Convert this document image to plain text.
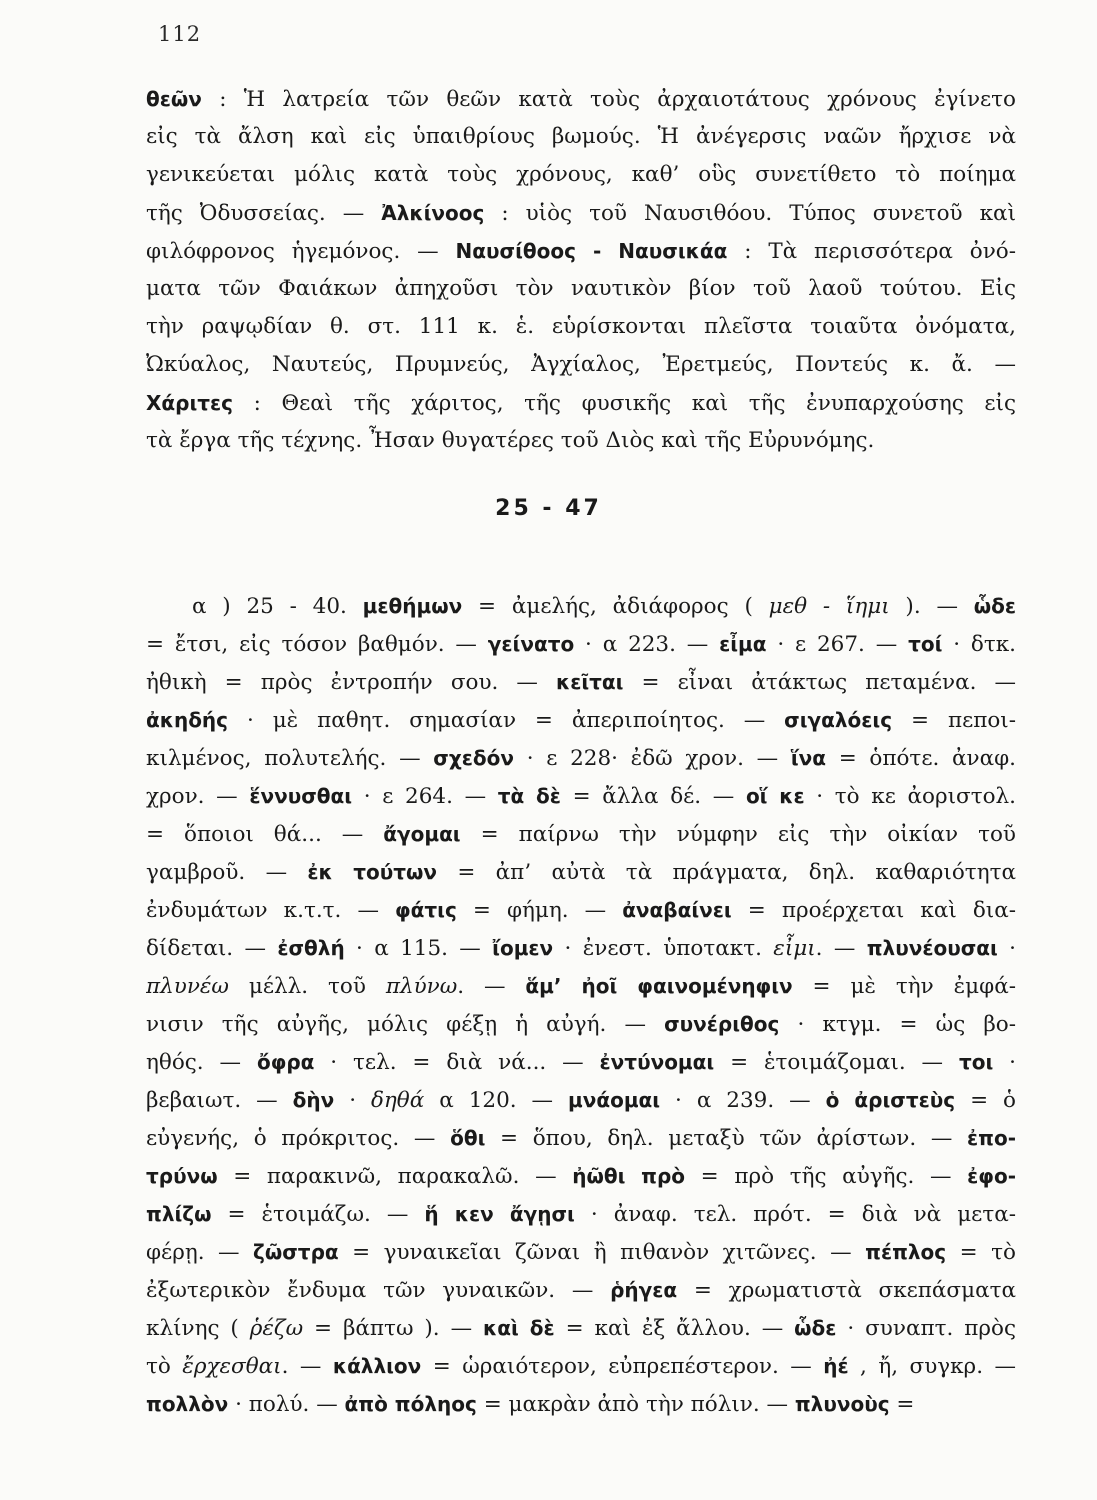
112
θεῶν : Ἡ λατρεία τῶν θεῶν κατὰ τοὺς ἀρχαιοτάτους χρόνους ἐγίνετο
εἰς τὰ ἄλση καὶ εἰς ὑπαιθρίους βωμούς. Ἡ ἀνέγερσις ναῶν ἤρχισε νὰ
γενικεύεται μόλις κατὰ τοὺς χρόνους, καθ’ οὓς συνετίθετο τὸ ποίημα
τῆς Ὀδυσσείας. — Ἀλκίνοος : υἱὸς τοῦ Ναυσιθόου. Τύπος συνετοῦ καὶ
φιλόφρονος ἡγεμόνος. — Ναυσίθοος - Ναυσικάα : Τὰ περισσότερα ὀνό-
ματα τῶν Φαιάκων ἀπηχοῦσι τὸν ναυτικὸν βίον τοῦ λαοῦ τούτου. Εἰς
τὴν ραψῳδίαν θ. στ. 111 κ. ἑ. εὑρίσκονται πλεῖστα τοιαῦτα ὀνόματα,
Ὠκύαλος, Ναυτεύς, Πρυμνεύς, Ἀγχίαλος, Ἐρετμεύς, Ποντεύς κ. ἄ. —
Χάριτες : Θεαὶ τῆς χάριτος, τῆς φυσικῆς καὶ τῆς ἐνυπαρχούσης εἰς
τὰ ἔργα τῆς τέχνης. Ἦσαν θυγατέρες τοῦ Διὸς καὶ τῆς Εὐρυνόμης.
25 - 47
α ) 25 - 40. μεθήμων = ἀμελής, ἀδιάφορος ( μεθ - ἵημι ). — ὧδε
= ἔτσι, εἰς τόσον βαθμόν. — γείνατο · α 223. — εἶμα · ε 267. — τοί · δτκ.
ἠθικὴ = πρὸς ἐντροπήν σου. — κεῖται = εἶναι ἀτάκτως πεταμένα. —
ἀκηδής · μὲ παθητ. σημασίαν = ἀπεριποίητος. — σιγαλόεις = πεποι-
κιλμένος, πολυτελής. — σχεδόν · ε 228· ἐδῶ χρον. — ἵνα = ὁπότε. ἀναφ.
χρον. — ἕννυσθαι · ε 264. — τὰ δὲ = ἄλλα δέ. — οἵ κε · τὸ κε ἀοριστολ.
= ὅποιοι θά... — ἄγομαι = παίρνω τὴν νύμφην εἰς τὴν οἰκίαν τοῦ
γαμβροῦ. — ἐκ τούτων = ἀπ’ αὐτὰ τὰ πράγματα, δηλ. καθαριότητα
ἐνδυμάτων κ.τ.τ. — φάτις = φήμη. — ἀναβαίνει = προέρχεται καὶ δια-
δίδεται. — ἐσθλή · α 115. — ἴομεν · ἐνεστ. ὑποτακτ. εἶμι. — πλυνέουσαι ·
πλυνέω μέλλ. τοῦ πλύνω. — ἅμ’ ἠοῖ φαινομένηφιν = μὲ τὴν ἐμφά-
νισιν τῆς αὐγῆς, μόλις φέξῃ ἡ αὐγή. — συνέριθος · κτγμ. = ὡς βο-
ηθός. — ὄφρα · τελ. = διὰ νά... — ἐντύνομαι = ἑτοιμάζομαι. — τοι ·
βεβαιωτ. — δὴν · δηθά α 120. — μνάομαι · α 239. — ὁ ἀριστεὺς = ὁ
εὐγενής, ὁ πρόκριτος. — ὅθι = ὅπου, δηλ. μεταξὺ τῶν ἀρίστων. — ἐπο-
τρύνω = παρακινῶ, παρακαλῶ. — ἠῶθι πρὸ = πρὸ τῆς αὐγῆς. — ἐφο-
πλίζω = ἑτοιμάζω. — ἥ κεν ἄγῃσι · ἀναφ. τελ. πρότ. = διὰ νὰ μετα-
φέρῃ. — ζῶστρα = γυναικεῖαι ζῶναι ἢ πιθανὸν χιτῶνες. — πέπλος = τὸ
ἐξωτερικὸν ἔνδυμα τῶν γυναικῶν. — ῥήγεα = χρωματιστὰ σκεπάσματα
κλίνης ( ῥέζω = βάπτω ). — καὶ δὲ = καὶ ἐξ ἄλλου. — ὧδε · συναπτ. πρὸς
τὸ ἔρχεσθαι. — κάλλιον = ὡραιότερον, εὐπρεπέστερον. — ἠέ , ἤ, συγκρ. —
πολλὸν · πολύ. — ἀπὸ πόληος = μακρὰν ἀπὸ τὴν πόλιν. — πλυνοὺς =
